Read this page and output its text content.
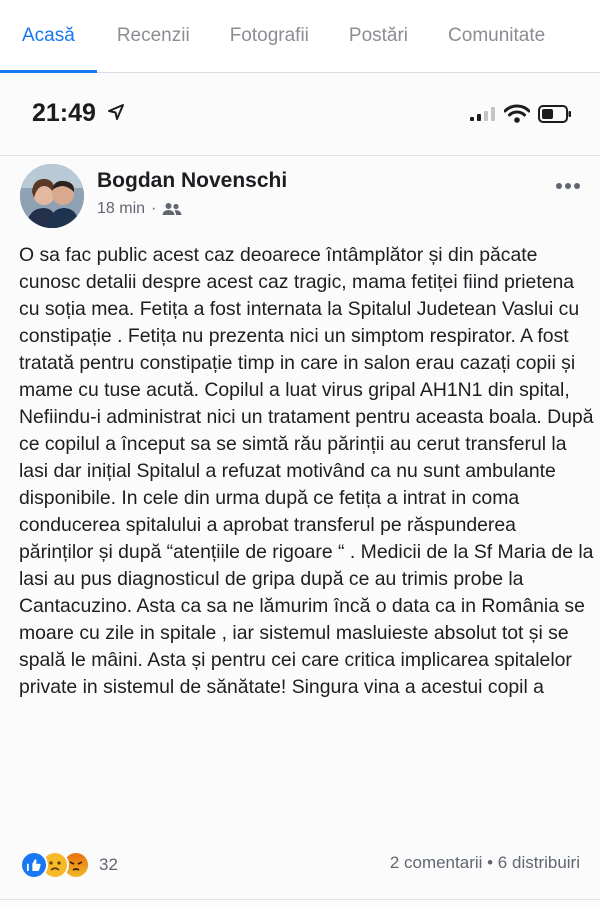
Acasă	Recenzii	Fotografii	Postări	Comunitate
21:49
Bogdan Novenschi
18 min ·
O sa fac public acest caz deoarece întâmplător și din păcate cunosc detalii despre acest caz tragic, mama fetiței fiind prietena cu soția mea. Fetița a fost internata la Spitalul Judetean Vaslui cu constipație . Fetița nu prezenta nici un simptom respirator. A fost tratată pentru constipație timp in care in salon erau cazați copii și mame cu tuse acută. Copilul a luat virus gripal AH1N1 din spital, Nefiindu-i administrat nici un tratament pentru aceasta boala. După ce copilul a început sa se simtă rău părinții au cerut transferul la lasi dar inițial Spitalul a refuzat motivând ca nu sunt ambulante disponibile. In cele din urma după ce fetița a intrat in coma conducerea spitalului a aprobat transferul pe răspunderea părinților și după “atențiile de rigoare “ . Medicii de la Sf Maria de la lasi au pus diagnosticul de gripa după ce au trimis probe la Cantacuzino. Asta ca sa ne lămurim încă o data ca in România se moare cu zile in spitale , iar sistemul masluieste absolut tot și se spală le mâini. Asta și pentru cei care critica implicarea spitalelor private in sistemul de sănătate! Singura vina a acestui copil a
32	2 comentarii • 6 distribuiri
